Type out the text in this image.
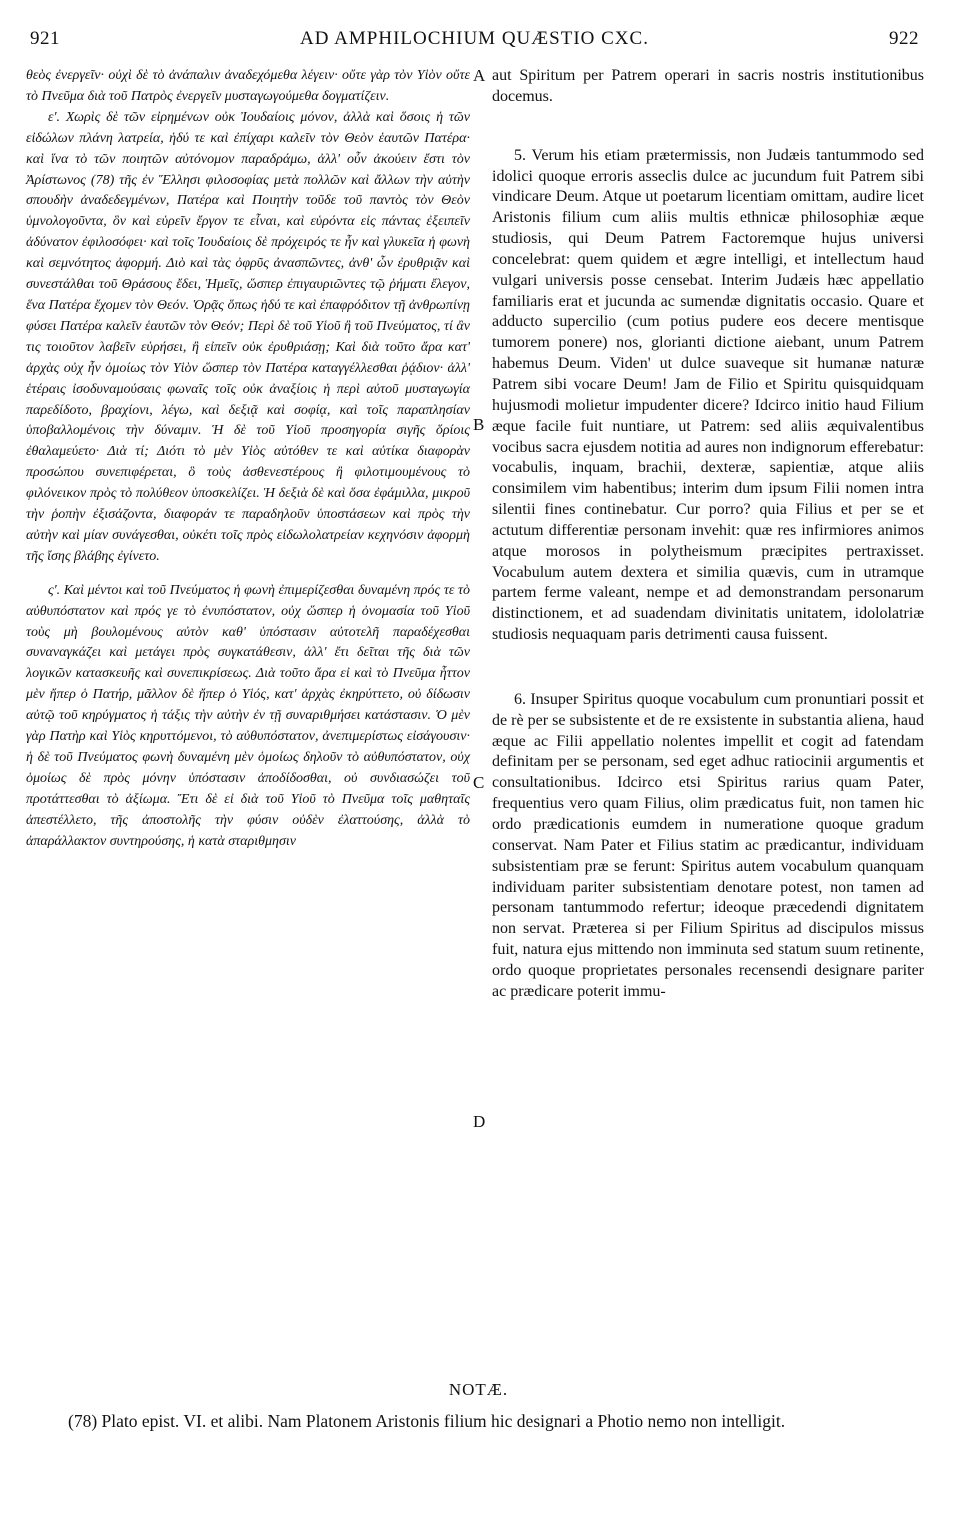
921	AD AMPHILOCHIUM QUÆSTIO CXC.	922

θεὸς ἐνεργεῖν· οὐχὶ δὲ τὸ ἀνάπαλιν ἀναδεχόμεθα λέγειν· οὔτε γὰρ τὸν Υἱὸν οὔτε τὸ Πνεῦμα διὰ τοῦ Πατρὸς ἐνεργεῖν μυσταγωγούμεθα δογματίζειν.

ε'. Χωρὶς δὲ τῶν εἰρημένων οὐκ Ἰουδαίοις μόνον, ἀλλὰ καὶ ὅσοις ἡ τῶν εἰδώλων πλάνη λατρεία, ἡδύ τε καὶ ἐπίχαρι καλεῖν τὸν Θεὸν ἑαυτῶν Πατέρα· καὶ ἵνα τὸ τῶν ποιητῶν αὐτόνομον παραδράμω, ἀλλ' οὖν ἀκούειν ἔστι τὸν Ἀρίστωνος (78) τῆς ἐν Ἕλλησι φιλοσοφίας μετὰ πολλῶν καὶ ἄλλων τὴν αὐτὴν σπουδὴν ἀναδεδεγμένων, Πατέρα καὶ Ποιητὴν τοῦδε τοῦ παντὸς τὸν Θεὸν ὑμνολογοῦντα, ὃν καὶ εὑρεῖν ἔργον τε εἶναι, καὶ εὑρόντα εἰς πάντας ἐξειπεῖν ἀδύνατον ἐφιλοσόφει· καὶ τοῖς Ἰουδαίοις δὲ πρόχειρός τε ἦν καὶ γλυκεῖα ἡ φωνὴ καὶ σεμνότητος ἀφορμή. Διὸ καὶ τὰς ὀφρῦς ἀνασπῶντες, ἀνθ' ὧν ἐρυθριᾷν καὶ συνεστάλθαι τοῦ Θράσους ἔδει, Ἡμεῖς, ὥσπερ ἐπιγαυριῶντες τῷ ῥήματι ἔλεγον, ἕνα Πατέρα ἔχομεν τὸν Θεόν. Ὁρᾷς ὅπως ἡδύ τε καὶ ἐπαφρόδιτον τῇ ἀνθρωπίνῃ φύσει Πατέρα καλεῖν ἑαυτῶν τὸν Θεόν; Περὶ δὲ τοῦ Υἱοῦ ἢ τοῦ Πνεύματος, τί ἂν τις τοιοῦτον λαβεῖν εὑρήσει, ἢ εἰπεῖν οὐκ ἐρυθριάσῃ; Καὶ διὰ τοῦτο ἄρα κατ' ἀρχὰς οὐχ ἦν ὁμοίως τὸν Υἱὸν ὥσπερ τὸν Πατέρα καταγγέλλεσθαι ῥᾴδιον· ἀλλ' ἑτέραις ἰσοδυναμούσαις φωναῖς τοῖς οὐκ ἀναξίοις ἡ περὶ αὐτοῦ μυσταγωγία παρεδίδοτο, βραχίονι, λέγω, καὶ δεξιᾷ καὶ σοφίᾳ, καὶ τοῖς παραπλησίαν ὑποβαλλομένοις τὴν δύναμιν. Ἡ δὲ τοῦ Υἱοῦ προσηγορία σιγῆς ὅρίοις ἐθαλαμεύετο· Διὰ τί; Διότι τὸ μὲν Υἱὸς αὐτόθεν τε καὶ αὐτίκα διαφορὰν προσώπου συνεπιφέρεται, ὃ τοὺς ἀσθενεστέρους ἢ φιλοτιμουμένους τὸ φιλόνεικον πρὸς τὸ πολύθεον ὑποσκελίζει. Ἡ δεξιὰ δὲ καὶ ὅσα ἐφάμιλλα, μικροῦ τὴν ῥοπὴν ἐξισάζοντα, διαφοράν τε παραδηλοῦν ὑποστάσεων καὶ πρὸς τὴν αὐτὴν καὶ μίαν συνάγεσθαι, οὐκέτι τοῖς πρὸς εἰδωλολατρείαν κεχηνόσιν ἀφορμὴ τῆς ἴσης βλάβης ἐγίνετο.

ς'. Καὶ μέντοι καὶ τοῦ Πνεύματος ἡ φωνὴ ἐπιμερίζεσθαι δυναμένη πρός τε τὸ αὐθυπόστατον καὶ πρός γε τὸ ἐνυπόστατον, οὐχ ὥσπερ ἡ ὀνομασία τοῦ Υἱοῦ τοὺς μὴ βουλομένους αὐτὸν καθ' ὑπόστασιν αὐτοτελῆ παραδέχεσθαι συναναγκάζει καὶ μετάγει πρὸς συγκατάθεσιν, ἀλλ' ἔτι δεῖται τῆς διὰ τῶν λογικῶν κατασκευῆς καὶ συνεπικρίσεως. Διὰ τοῦτο ἄρα εἰ καὶ τὸ Πνεῦμα ἧττον μὲν ἤπερ ὁ Πατήρ, μᾶλλον δὲ ἤπερ ὁ Υἱός, κατ' ἀρχὰς ἐκηρύττετο, οὐ δίδωσιν αὐτῷ τοῦ κηρύγματος ἡ τάξις τὴν αὐτὴν ἐν τῇ συναριθμήσει κατάστασιν. Ὁ μὲν γὰρ Πατὴρ καὶ Υἱὸς κηρυττόμενοι, τὸ αὐθυπόστατον, ἀνεπιμερίστως εἰσάγουσιν· ἡ δὲ τοῦ Πνεύματος φωνὴ δυναμένη μὲν ὁμοίως δηλοῦν τὸ αὐθυπόστατον, οὐχ ὁμοίως δὲ πρὸς μόνην ὑπόστασιν ἀποδίδοσθαι, οὐ συνδιασώζει τοῦ προτάττεσθαι τὸ ἀξίωμα. Ἔτι δὲ εἰ διὰ τοῦ Υἱοῦ τὸ Πνεῦμα τοῖς μαθηταῖς ἀπεστέλλετο, τῆς ἀποστολῆς τὴν φύσιν οὐδὲν ἐλαττούσης, ἀλλὰ τὸ ἀπαράλλακτον συντηρούσης, ἡ κατὰ σταριθμησιν

aut Spiritum per Patrem operari in sacris nostris institutionibus docemus.

5. Verum his etiam prætermissis, non Judæis tantummodo sed idolici quoque erroris asseclis dulce ac jucundum fuit Patrem sibi vindicare Deum. Atque ut poetarum licentiam omittam, audire licet Aristonis filium cum aliis multis ethnicæ philosophiæ æque studiosis, qui Deum Patrem Factoremque hujus universi concelebrat: quem quidem et ægre intelligi, et intellectum haud vulgari universis posse censebat. Interim Judæis hæc appellatio familiaris erat et jucunda ac sumendæ dignitatis occasio. Quare et adducto supercilio (cum potius pudere eos decere mentisque tumorem ponere) nos, glorianti dictione aiebant, unum Patrem habemus Deum. Viden' ut dulce suaveque sit humanæ naturæ Patrem sibi vocare Deum! Jam de Filio et Spiritu quisquidquam hujusmodi molietur impudenter dicere? Idcirco initio haud Filium æque facile fuit nuntiare, ut Patrem: sed aliis æquivalentibus vocibus sacra ejusdem notitia ad aures non indignorum efferebatur: vocabulis, inquam, brachii, dexteræ, sapientiæ, atque aliis consimilem vim habentibus; interim dum ipsum Filii nomen intra silentii fines continebatur. Cur porro? quia Filius et per se et actutum differentiæ personam invehit: quæ res infirmiores animos atque morosos in polytheismum præcipites pertraxisset. Vocabulum autem dextera et similia quævis, cum in utramque partem ferme valeant, nempe et ad demonstrandam personarum distinctionem, et ad suadendam divinitatis unitatem, idololatriæ studiosis nequaquam paris detrimenti causa fuissent.

6. Insuper Spiritus quoque vocabulum cum pronuntiari possit et de rè per se subsistente et de re exsistente in substantia aliena, haud æque ac Filii appellatio nolentes impellit et cogit ad fatendam definitam per se personam, sed eget adhuc ratiocinii argumentis et consultationibus. Idcirco etsi Spiritus rarius quam Pater, frequentius vero quam Filius, olim prædicatus fuit, non tamen hic ordo prædicationis eumdem in numeratione quoque gradum conservat. Nam Pater et Filius statim ac prædicantur, individuam subsistentiam præ se ferunt: Spiritus autem vocabulum quanquam individuam pariter subsistentiam denotare potest, non tamen ad personam tantummodo refertur; ideoque præcedendi dignitatem non servat. Præterea si per Filium Spiritus ad discipulos missus fuit, natura ejus mittendo non imminuta sed statum suum retinente, ordo quoque proprietates personales recensendi designare pariter ac prædicare poterit immu-

A
B
C
D
NOTÆ.
(78) Plato epist. VI. et alibi. Nam Platonem Aristonis filium hic designari a Photio nemo non intelligit.
